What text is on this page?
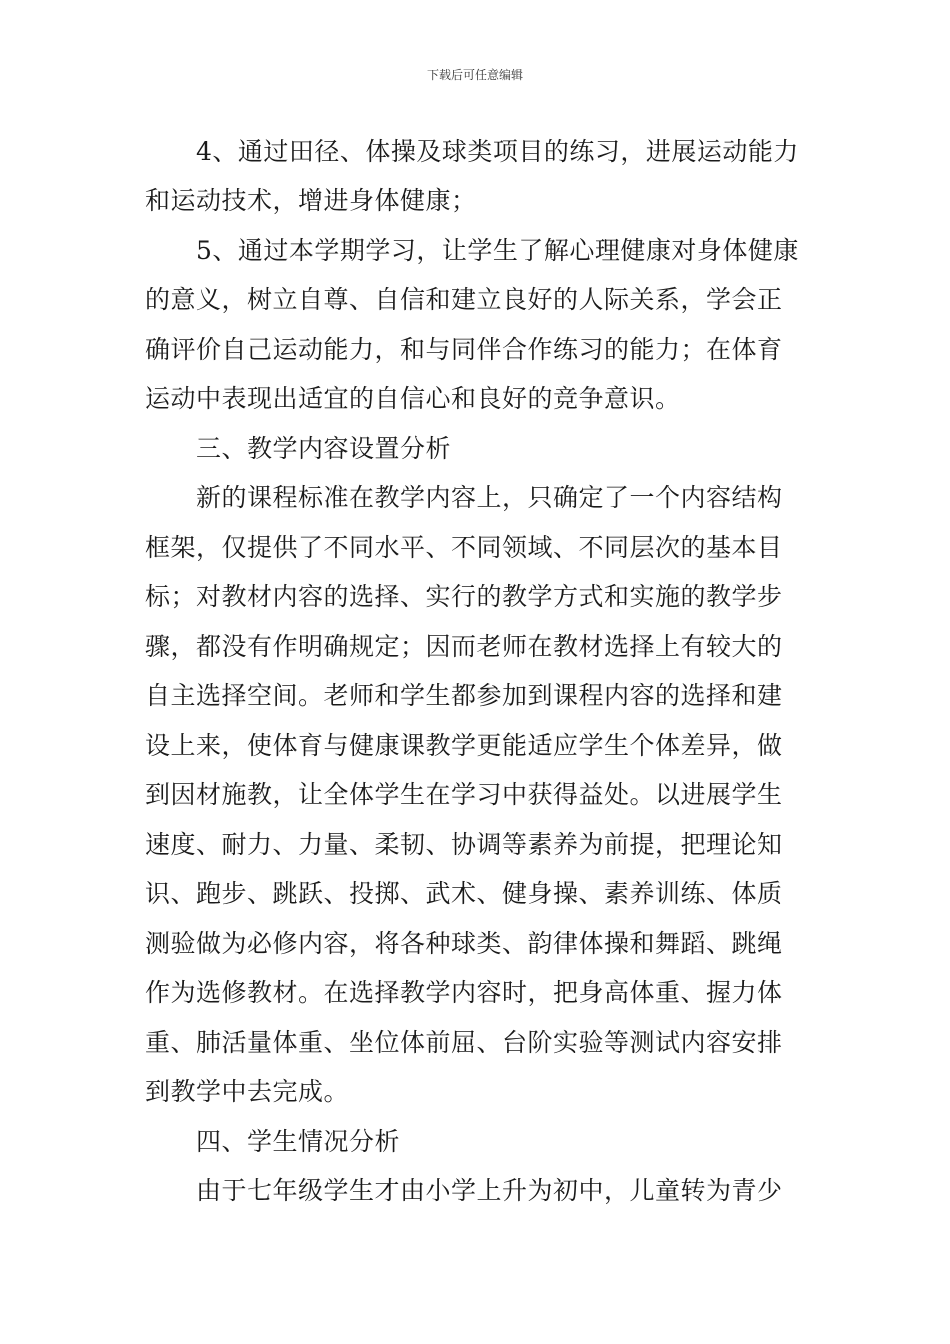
下载后可任意编辑
4、通过田径、体操及球类项目的练习，进展运动能力
和运动技术，增进身体健康；
5、通过本学期学习，让学生了解心理健康对身体健康
的意义，树立自尊、自信和建立良好的人际关系，学会正
确评价自己运动能力，和与同伴合作练习的能力；在体育
运动中表现出适宜的自信心和良好的竞争意识。
三、教学内容设置分析
新的课程标准在教学内容上，只确定了一个内容结构
框架，仅提供了不同水平、不同领域、不同层次的基本目
标；对教材内容的选择、实行的教学方式和实施的教学步
骤，都没有作明确规定；因而老师在教材选择上有较大的
自主选择空间。老师和学生都参加到课程内容的选择和建
设上来，使体育与健康课教学更能适应学生个体差异，做
到因材施教，让全体学生在学习中获得益处。以进展学生
速度、耐力、力量、柔韧、协调等素养为前提，把理论知
识、跑步、跳跃、投掷、武术、健身操、素养训练、体质
测验做为必修内容，将各种球类、韵律体操和舞蹈、跳绳
作为选修教材。在选择教学内容时，把身高体重、握力体
重、肺活量体重、坐位体前屈、台阶实验等测试内容安排
到教学中去完成。
四、学生情况分析
由于七年级学生才由小学上升为初中，儿童转为青少
